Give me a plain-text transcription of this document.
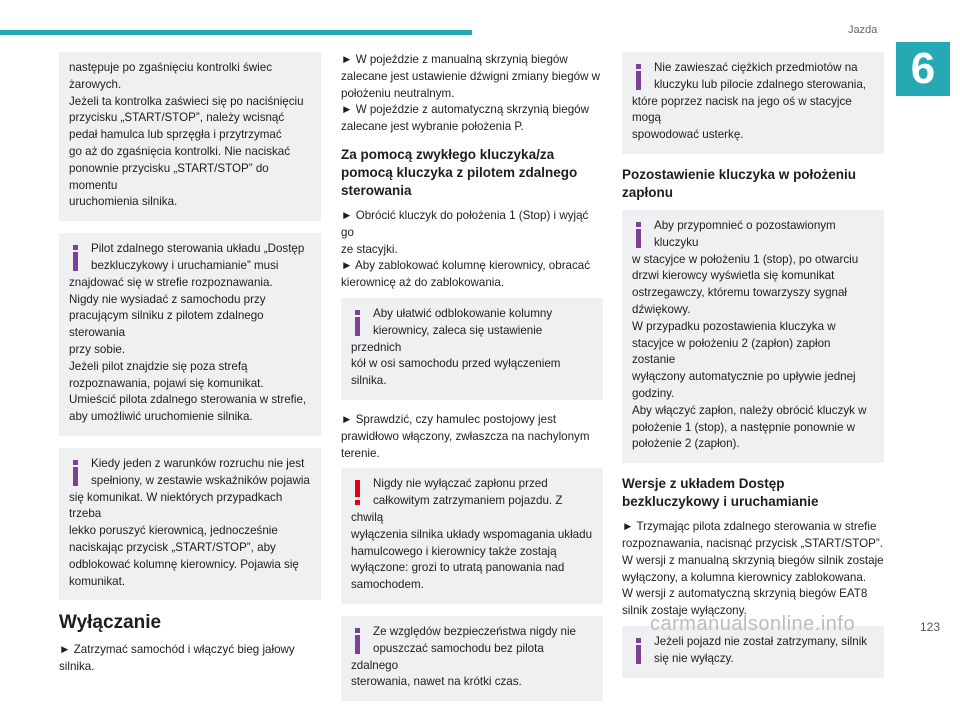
Jazda
6
następuje po zgaśnięciu kontrolki świec
żarowych.
Jeżeli ta kontrolka zaświeci się po naciśnięciu
przycisku „START/STOP”, należy wcisnąć
pedał hamulca lub sprzęgła i przytrzymać
go aż do zgaśnięcia kontrolki. Nie naciskać
ponownie przycisku „START/STOP” do momentu
uruchomienia silnika.
Pilot zdalnego sterowania układu „Dostęp
bezkluczykowy i uruchamianie” musi
znajdować się w strefie rozpoznawania.
Nigdy nie wysiadać z samochodu przy
pracującym silniku z pilotem zdalnego sterowania
przy sobie.
Jeżeli pilot znajdzie się poza strefą
rozpoznawania, pojawi się komunikat.
Umieścić pilota zdalnego sterowania w strefie,
aby umożliwić uruchomienie silnika.
Kiedy jeden z warunków rozruchu nie jest
spełniony, w zestawie wskaźników pojawia
się komunikat. W niektórych przypadkach trzeba
lekko poruszyć kierownicą, jednocześnie
naciskając przycisk „START/STOP”, aby
odblokować kolumnę kierownicy. Pojawia się
komunikat.
Wyłączanie

► Zatrzymać samochód i włączyć bieg jałowy
silnika.

► W pojeździe z manualną skrzynią biegów
zalecane jest ustawienie dźwigni zmiany biegów w
położeniu neutralnym.
► W pojeździe z automatyczną skrzynią biegów
zalecane jest wybranie położenia P.

Za pomocą zwykłego kluczyka/za
pomocą kluczyka z pilotem zdalnego
sterowania

► Obrócić kluczyk do położenia 1 (Stop) i wyjąć go
ze stacyjki.
► Aby zablokować kolumnę kierownicy, obracać
kierownicę aż do zablokowania.

Aby ułatwić odblokowanie kolumny
kierownicy, zaleca się ustawienie przednich
kół w osi samochodu przed wyłączeniem silnika.

► Sprawdzić, czy hamulec postojowy jest
prawidłowo włączony, zwłaszcza na nachylonym
terenie.

Nigdy nie wyłączać zapłonu przed
całkowitym zatrzymaniem pojazdu. Z chwilą
wyłączenia silnika układy wspomagania układu
hamulcowego i kierownicy także zostają
wyłączone: grozi to utratą panowania nad
samochodem.
Ze względów bezpieczeństwa nigdy nie
opuszczać samochodu bez pilota zdalnego
sterowania, nawet na krótki czas.
Nie zawieszać ciężkich przedmiotów na
kluczyku lub pilocie zdalnego sterowania,
które poprzez nacisk na jego oś w stacyjce mogą
spowodować usterkę.
Pozostawienie kluczyka w położeniu
zapłonu
Aby przypomnieć o pozostawionym kluczyku
w stacyjce w położeniu 1 (stop), po otwarciu
drzwi kierowcy wyświetla się komunikat
ostrzegawczy, któremu towarzyszy sygnał
dźwiękowy.
W przypadku pozostawienia kluczyka w
stacyjce w położeniu 2 (zapłon) zapłon zostanie
wyłączony automatycznie po upływie jednej
godziny.
Aby włączyć zapłon, należy obrócić kluczyk w
położenie 1 (stop), a następnie ponownie w
położenie 2 (zapłon).
Wersje z układem Dostęp
bezkluczykowy i uruchamianie

► Trzymając pilota zdalnego sterowania w strefie
rozpoznawania, nacisnąć przycisk „START/STOP”.
W wersji z manualną skrzynią biegów silnik zostaje
wyłączony, a kolumna kierownicy zablokowana.
W wersji z automatyczną skrzynią biegów EAT8
silnik zostaje wyłączony.

Jeżeli pojazd nie został zatrzymany, silnik
się nie wyłączy.
carmanualsonline.info	123
